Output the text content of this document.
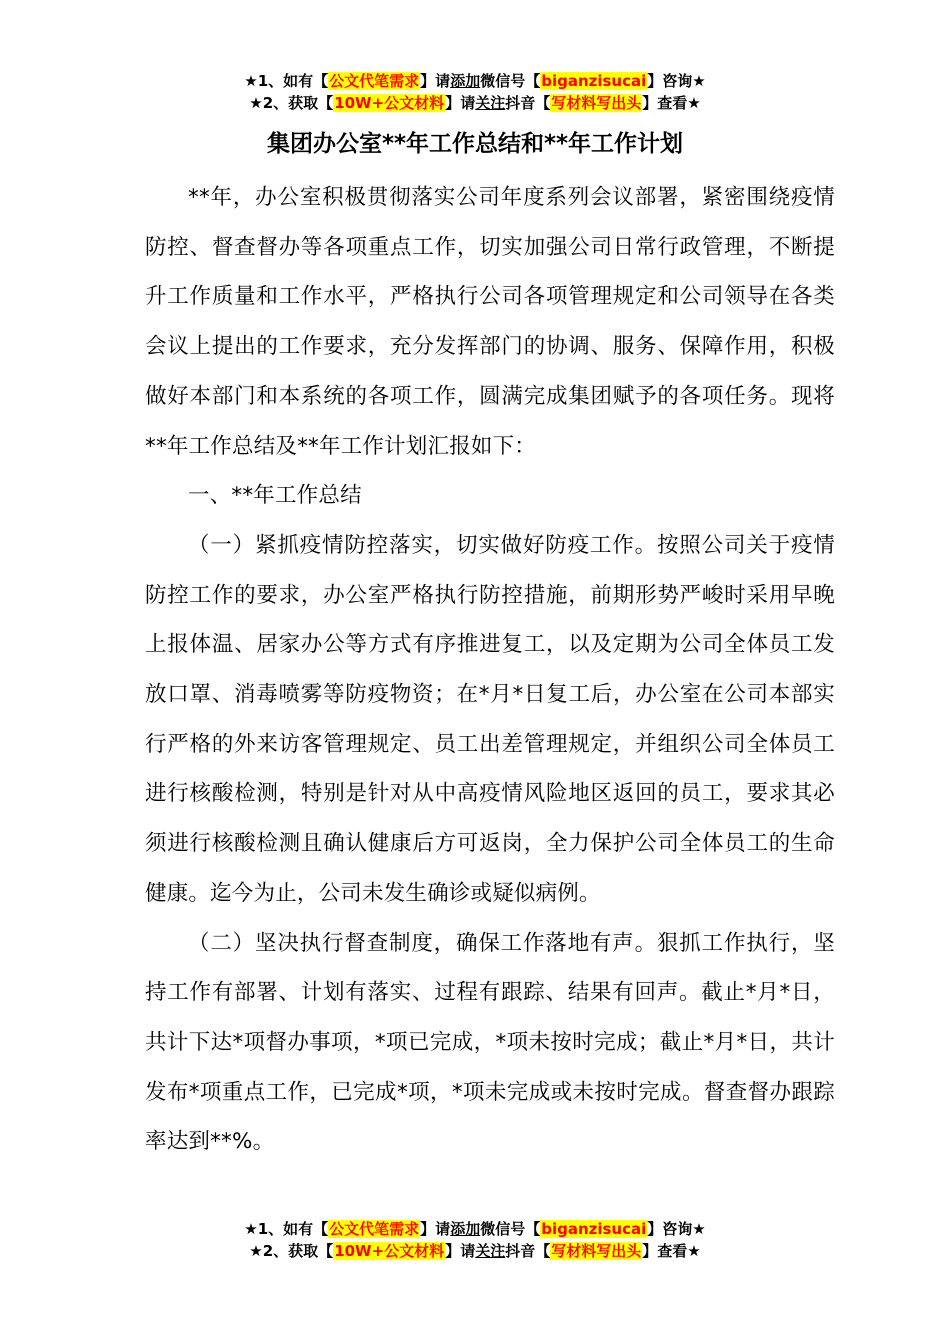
★1、如有【公文代笔需求】请添加微信号【biganzisucai】咨询★
★2、获取【10W+公文材料】请关注抖音【写材料写出头】查看★
集团办公室**年工作总结和**年工作计划

**年，办公室积极贯彻落实公司年度系列会议部署，紧密围绕疫情防控、督查督办等各项重点工作，切实加强公司日常行政管理，不断提升工作质量和工作水平，严格执行公司各项管理规定和公司领导在各类会议上提出的工作要求，充分发挥部门的协调、服务、保障作用，积极做好本部门和本系统的各项工作，圆满完成集团赋予的各项任务。现将**年工作总结及**年工作计划汇报如下：

一、**年工作总结

（一）紧抓疫情防控落实，切实做好防疫工作。按照公司关于疫情防控工作的要求，办公室严格执行防控措施，前期形势严峻时采用早晚上报体温、居家办公等方式有序推进复工，以及定期为公司全体员工发放口罩、消毒喷雾等防疫物资；在*月*日复工后，办公室在公司本部实行严格的外来访客管理规定、员工出差管理规定，并组织公司全体员工进行核酸检测，特别是针对从中高疫情风险地区返回的员工，要求其必须进行核酸检测且确认健康后方可返岗，全力保护公司全体员工的生命健康。迄今为止，公司未发生确诊或疑似病例。

（二）坚决执行督查制度，确保工作落地有声。狠抓工作执行，坚持工作有部署、计划有落实、过程有跟踪、结果有回声。截止*月*日，共计下达*项督办事项，*项已完成，*项未按时完成；截止*月*日，共计发布*项重点工作，已完成*项，*项未完成或未按时完成。督查督办跟踪率达到**%。

★1、如有【公文代笔需求】请添加微信号【biganzisucai】咨询★
★2、获取【10W+公文材料】请关注抖音【写材料写出头】查看★
